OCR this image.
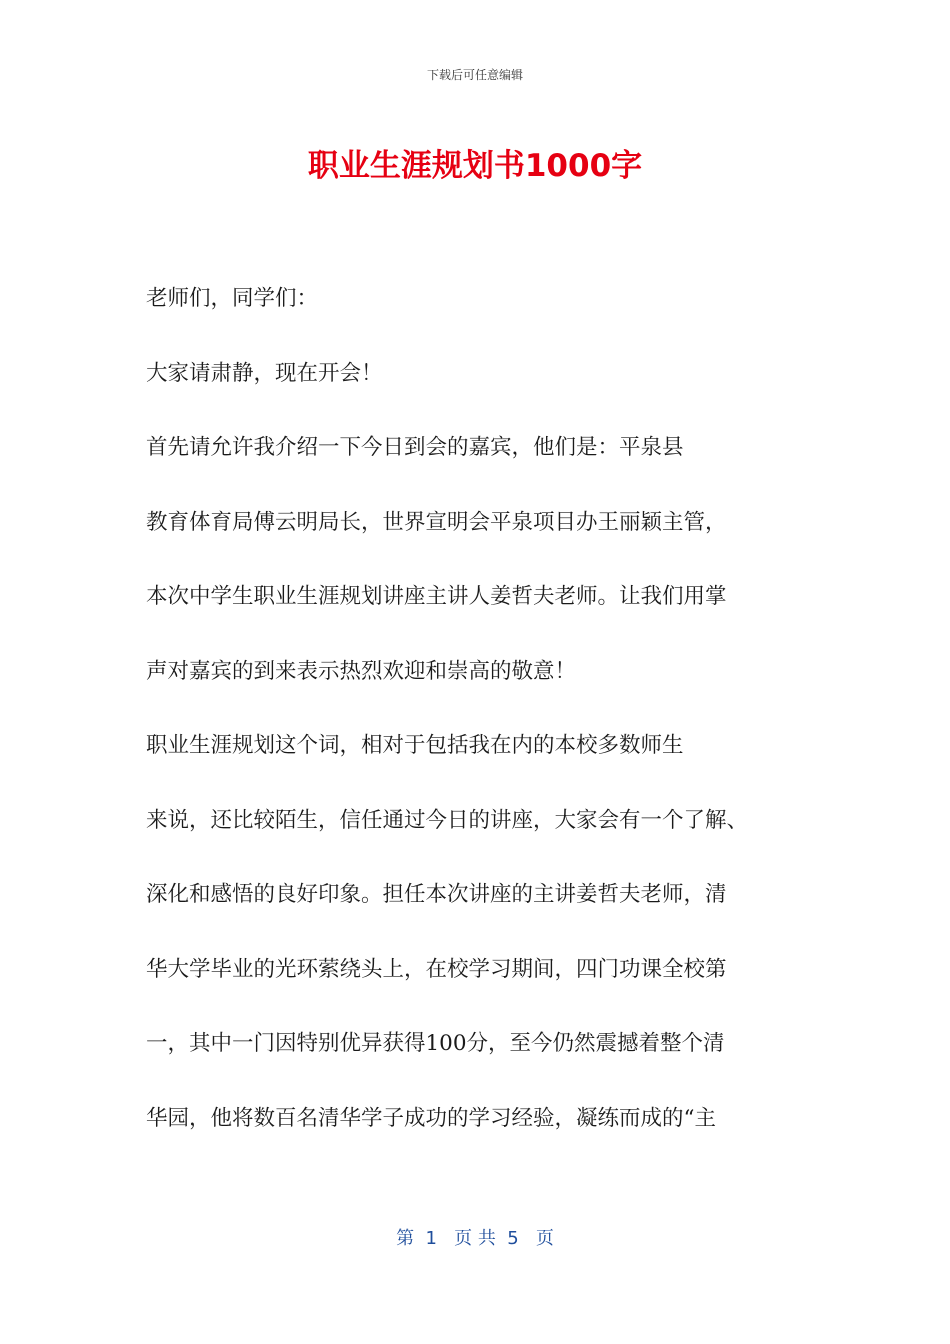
下载后可任意编辑
职业生涯规划书1000字

老师们，同学们：

大家请肃静，现在开会！

首先请允许我介绍一下今日到会的嘉宾，他们是：平泉县
教育体育局傅云明局长，世界宣明会平泉项目办王丽颖主管，
本次中学生职业生涯规划讲座主讲人姜哲夫老师。让我们用掌
声对嘉宾的到来表示热烈欢迎和崇高的敬意！

职业生涯规划这个词，相对于包括我在内的本校多数师生
来说，还比较陌生，信任通过今日的讲座，大家会有一个了解、
深化和感悟的良好印象。担任本次讲座的主讲姜哲夫老师，清
华大学毕业的光环萦绕头上，在校学习期间，四门功课全校第
一，其中一门因特别优异获得100分，至今仍然震撼着整个清
华园，他将数百名清华学子成功的学习经验，凝练而成的“主

第  1   页 共  5   页
